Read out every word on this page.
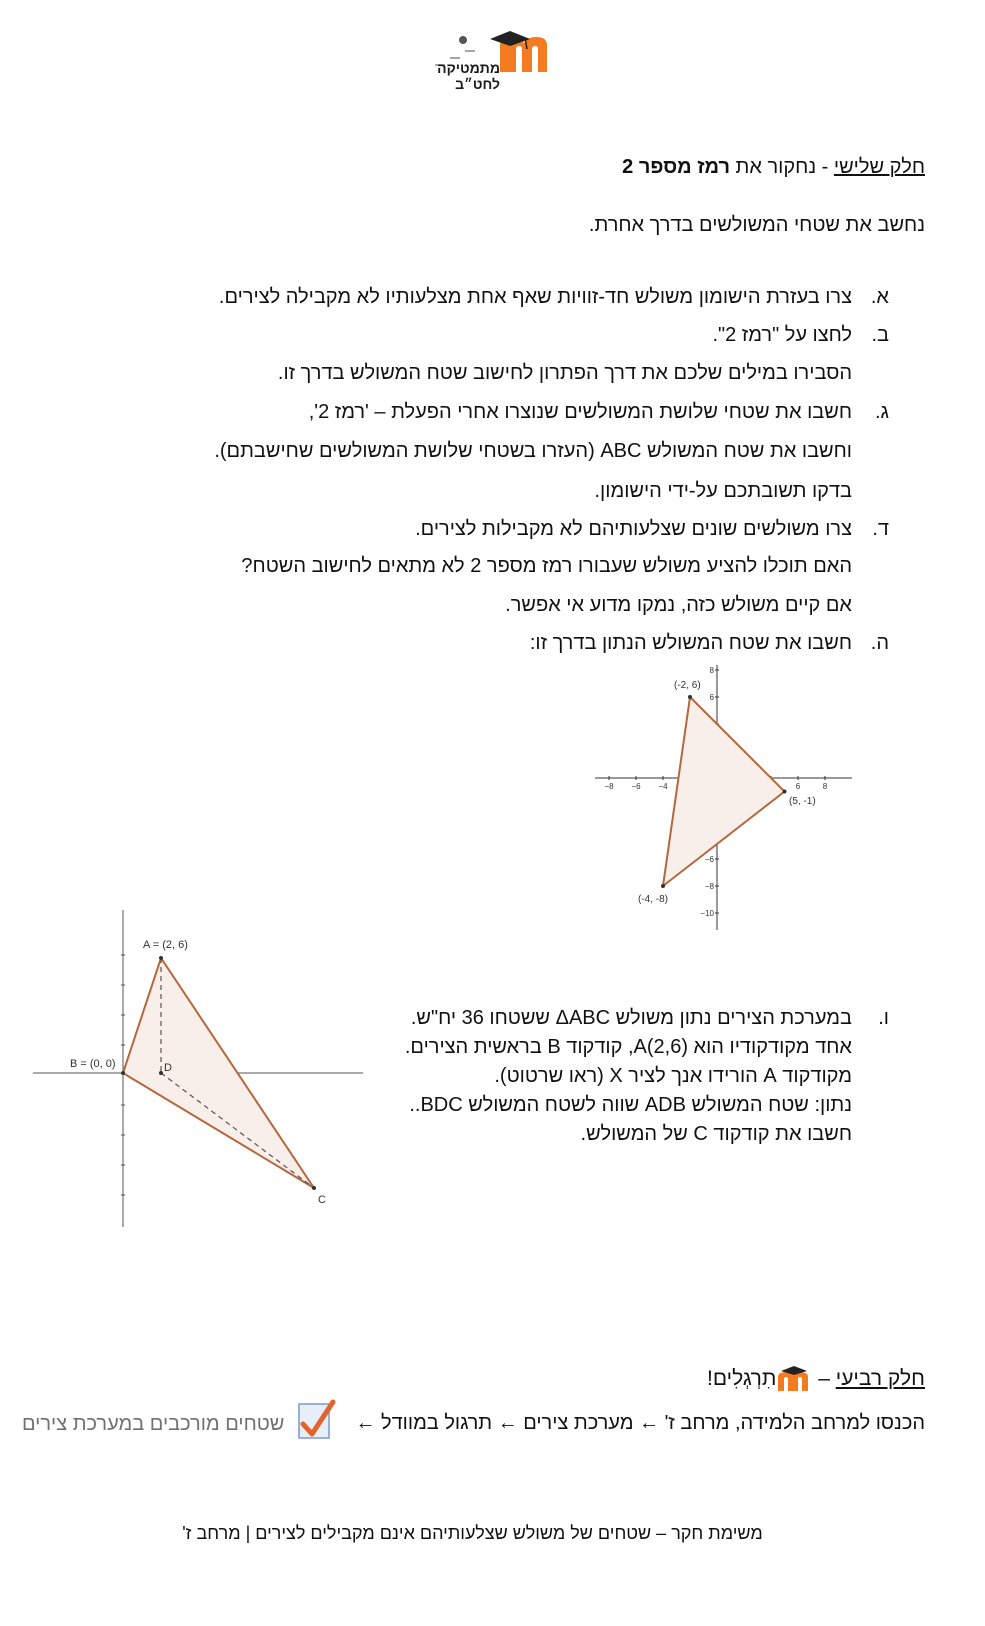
מתמטיקה לחט״ב
חלק שלישי - נחקור את רמז מספר 2
נחשב את שטחי המשולשים בדרך אחרת.
א.
צרו בעזרת הישומון משולש חד-זוויות שאף אחת מצלעותיו לא מקבילה לצירים.
ב.
לחצו על "רמז 2".
הסבירו במילים שלכם את דרך הפתרון לחישוב שטח המשולש בדרך זו.
ג.
חשבו את שטחי שלושת המשולשים שנוצרו אחרי הפעלת – 'רמז 2',
וחשבו את שטח המשולש ABC (העזרו בשטחי שלושת המשולשים שחישבתם).
בדקו תשובתכם על-ידי הישומון.
ד.
צרו משולשים שונים שצלעותיהם לא מקבילות לצירים.
האם תוכלו להציע משולש שעבורו רמז מספר 2 לא מתאים לחישוב השטח?
אם קיים משולש כזה, נמקו מדוע אי אפשר.
ה.
חשבו את שטח המשולש הנתון בדרך זו:
−8 −6 −4	6	8
8
6
−6
−8
−10
(-2, 6)
(5, -1)
(-4, -8)
A = (2, 6)
B = (0, 0)	D
C
ו.
במערכת הצירים נתון משולש ΔABC ששטחו 36 יח"ש.
אחד מקודקודיו הוא A(2,6), קודקוד B בראשית הצירים.
מקודקוד A הורידו אנך לציר X (ראו שרטוט).
נתון: שטח המשולש ADB שווה לשטח המשולש BDC..
חשבו את קודקוד C של המשולש.
חלק רביעי – תִרְגְלִים!
הכנסו למרחב הלמידה, מרחב ז' ← מערכת צירים ← תרגול במוודל ←
שטחים מורכבים במערכת צירים
משימת חקר – שטחים של משולש שצלעותיהם אינם מקבילים לצירים | מרחב ז'
